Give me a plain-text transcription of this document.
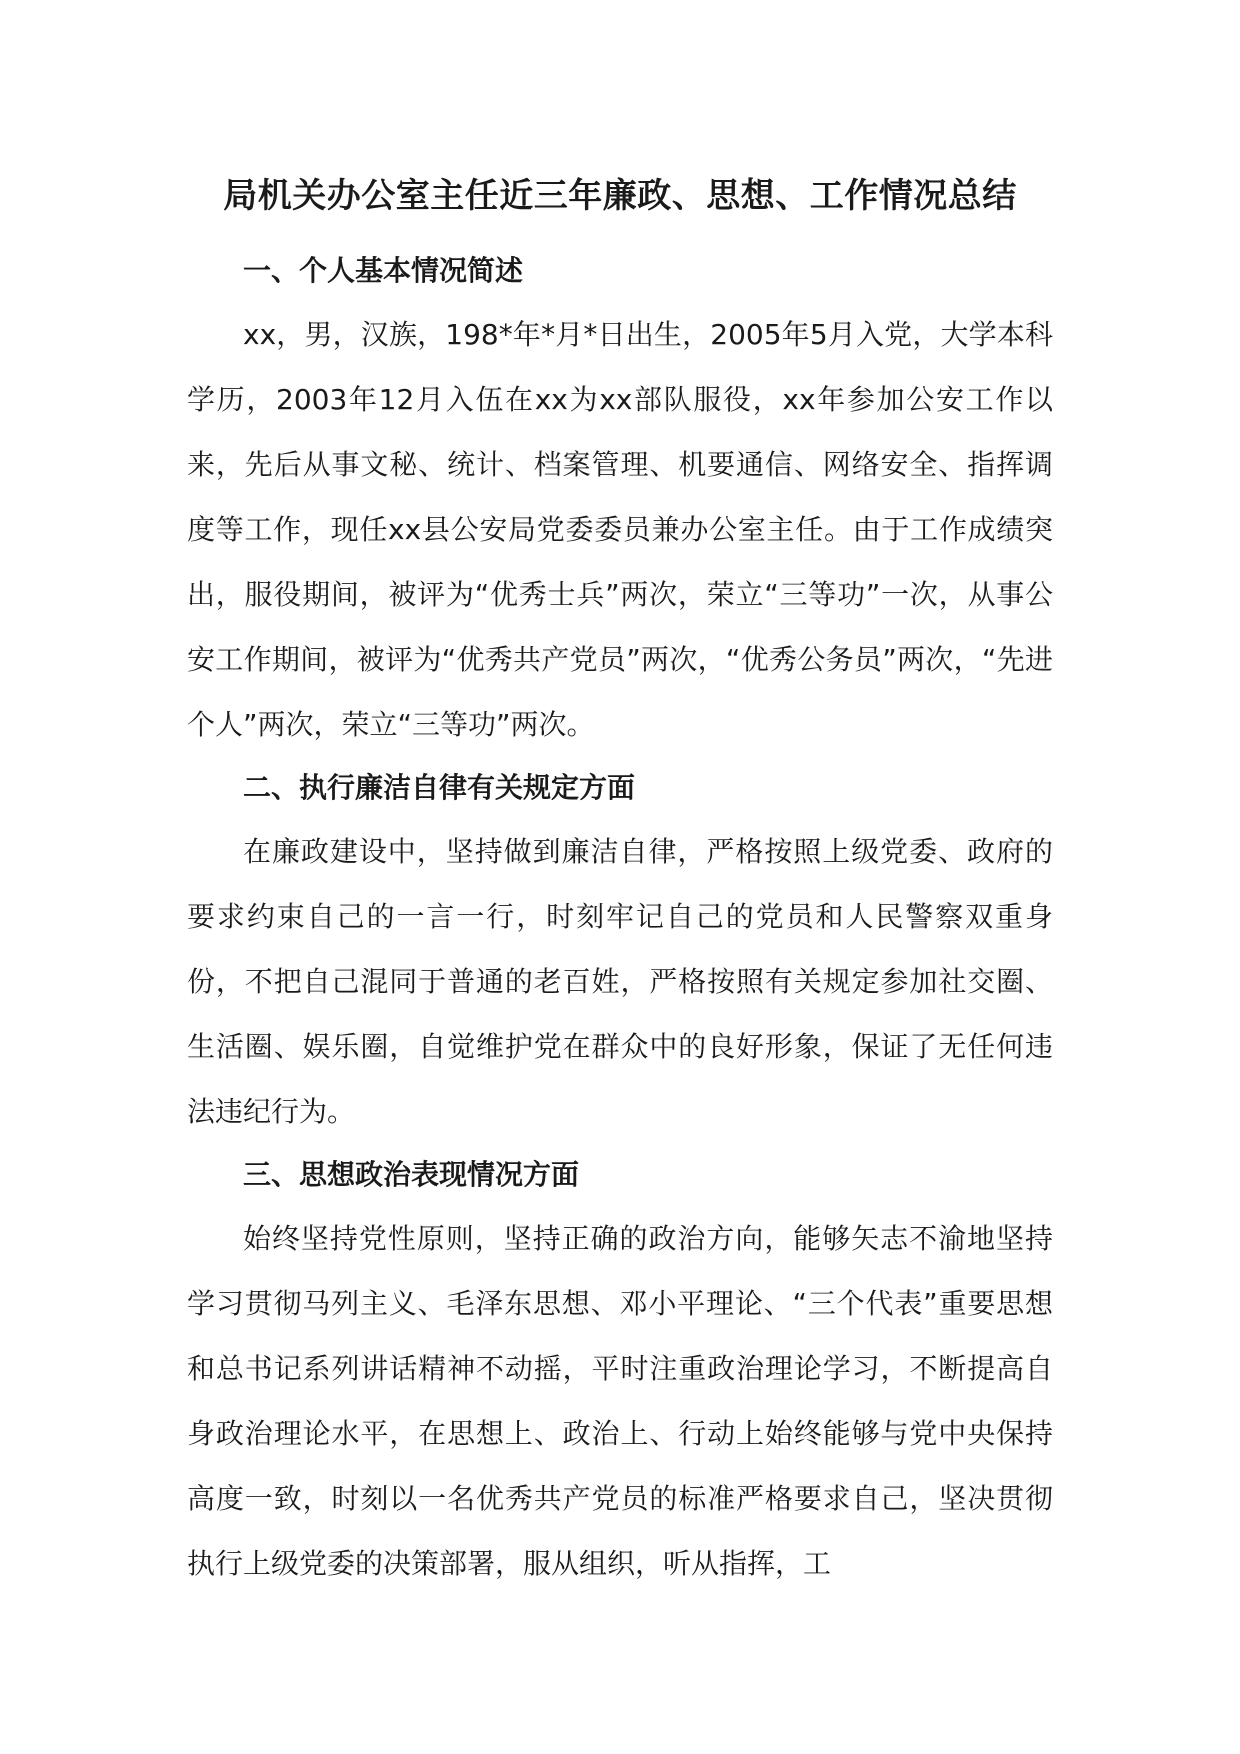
局机关办公室主任近三年廉政、思想、工作情况总结
一、个人基本情况简述

xx，男，汉族，198*年*月*日出生，2005年5月入党，大学本科学历，2003年12月入伍在xx为xx部队服役，xx年参加公安工作以来，先后从事文秘、统计、档案管理、机要通信、网络安全、指挥调度等工作，现任xx县公安局党委委员兼办公室主任。由于工作成绩突出，服役期间，被评为“优秀士兵”两次，荣立“三等功”一次，从事公安工作期间，被评为“优秀共产党员”两次，“优秀公务员”两次，“先进个人”两次，荣立“三等功”两次。

二、执行廉洁自律有关规定方面

在廉政建设中，坚持做到廉洁自律，严格按照上级党委、政府的要求约束自己的一言一行，时刻牢记自己的党员和人民警察双重身份，不把自己混同于普通的老百姓，严格按照有关规定参加社交圈、生活圈、娱乐圈，自觉维护党在群众中的良好形象，保证了无任何违法违纪行为。

三、思想政治表现情况方面

始终坚持党性原则，坚持正确的政治方向，能够矢志不渝地坚持学习贯彻马列主义、毛泽东思想、邓小平理论、“三个代表”重要思想和总书记系列讲话精神不动摇，平时注重政治理论学习，不断提高自身政治理论水平，在思想上、政治上、行动上始终能够与党中央保持高度一致，时刻以一名优秀共产党员的标准严格要求自己，坚决贯彻执行上级党委的决策部署，服从组织，听从指挥，工
